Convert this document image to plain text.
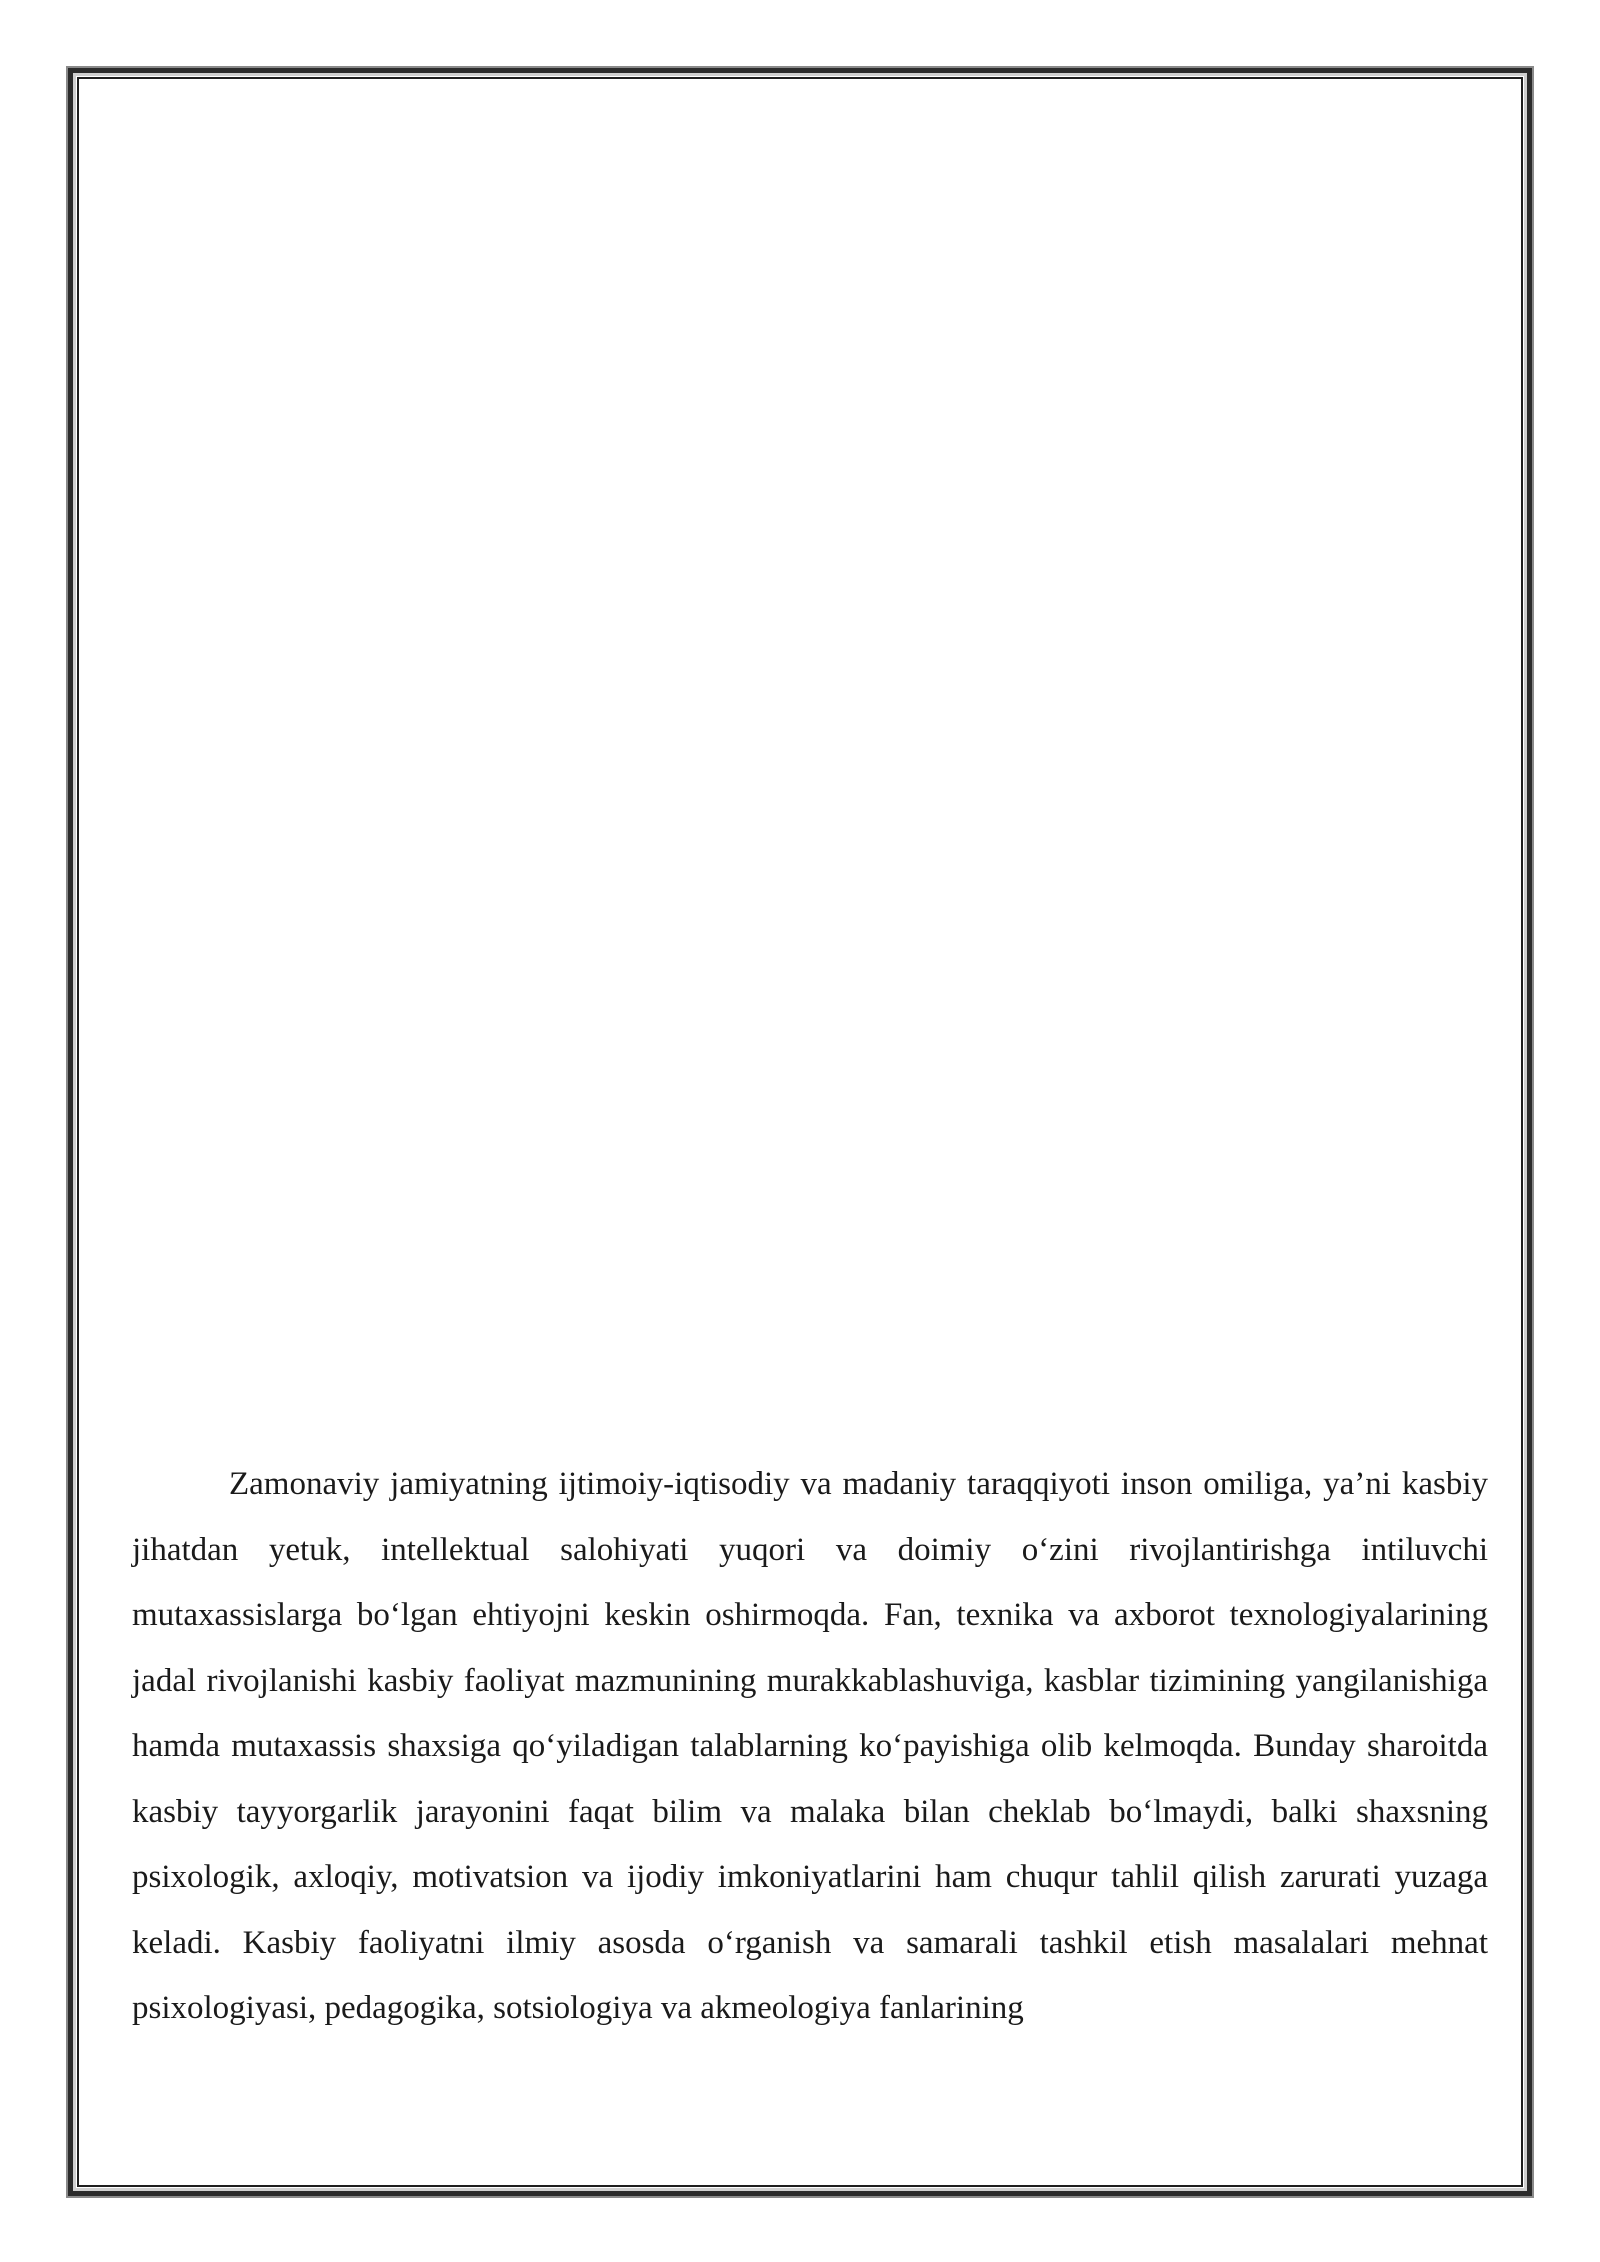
Zamonaviy jamiyatning ijtimoiy-iqtisodiy va madaniy taraqqiyoti inson omiliga, ya’ni kasbiy jihatdan yetuk, intellektual salohiyati yuqori va doimiy o‘zini rivojlantirishga intiluvchi mutaxassislarga bo‘lgan ehtiyojni keskin oshirmoqda. Fan, texnika va axborot texnologiyalarining jadal rivojlanishi kasbiy faoliyat mazmunining murakkablashuviga, kasblar tizimining yangilanishiga hamda mutaxassis shaxsiga qo‘yiladigan talablarning ko‘payishiga olib kelmoqda. Bunday sharoitda kasbiy tayyorgarlik jarayonini faqat bilim va malaka bilan cheklab bo‘lmaydi, balki shaxsning psixologik, axloqiy, motivatsion va ijodiy imkoniyatlarini ham chuqur tahlil qilish zarurati yuzaga keladi. Kasbiy faoliyatni ilmiy asosda o‘rganish va samarali tashkil etish masalalari mehnat psixologiyasi, pedagogika, sotsiologiya va akmeologiya fanlarining
